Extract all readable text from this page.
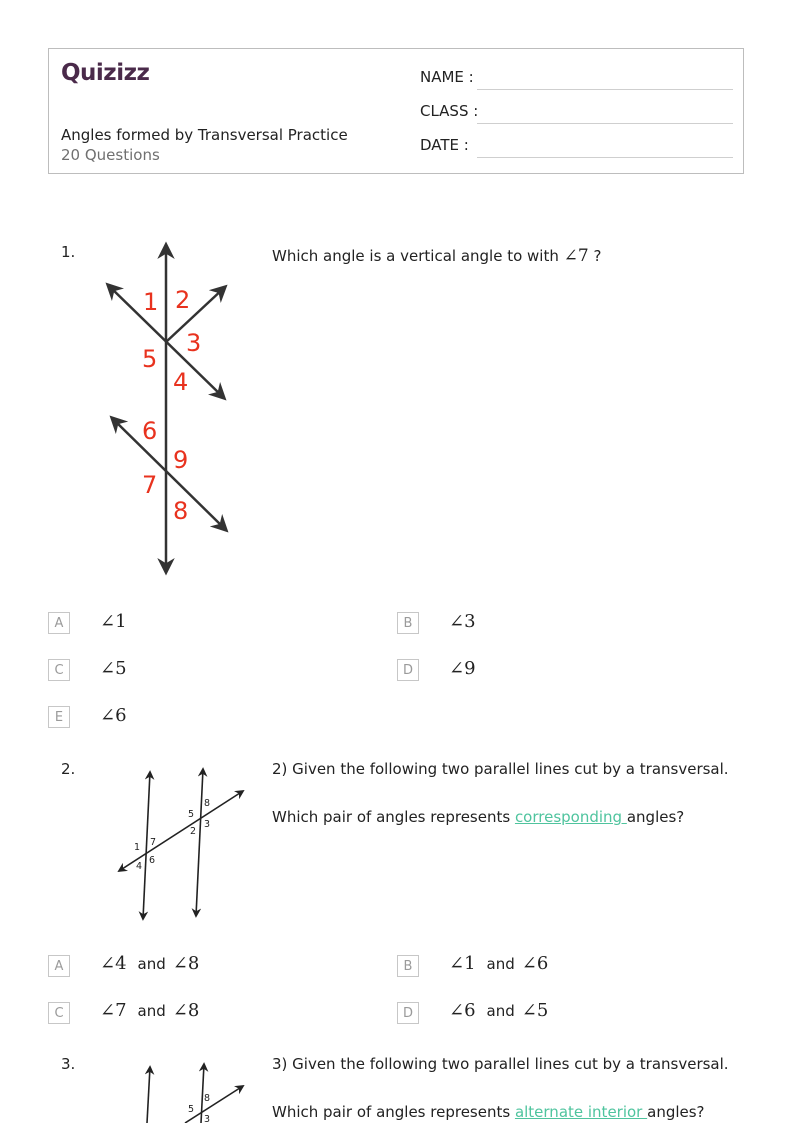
Quizizz
Angles formed by Transversal Practice
20 Questions
NAME :
CLASS :
DATE :
1.	Which angle is a vertical angle to with ∠7 ?
1 2
3
4
5
6
7
8
9
A	∠1	B	∠3
C	∠5	D	∠9
E	∠6
2.	2) Given the following two parallel lines cut by a transversal.
Which pair of angles represents corresponding angles?
1
2
3
4
5
6
7
8
A	∠4 and ∠8	B	∠1 and ∠6
C	∠7 and ∠8	D	∠6 and ∠5
3.	3) Given the following two parallel lines cut by a transversal.
Which pair of angles represents alternate interior angles?
5
8
3
